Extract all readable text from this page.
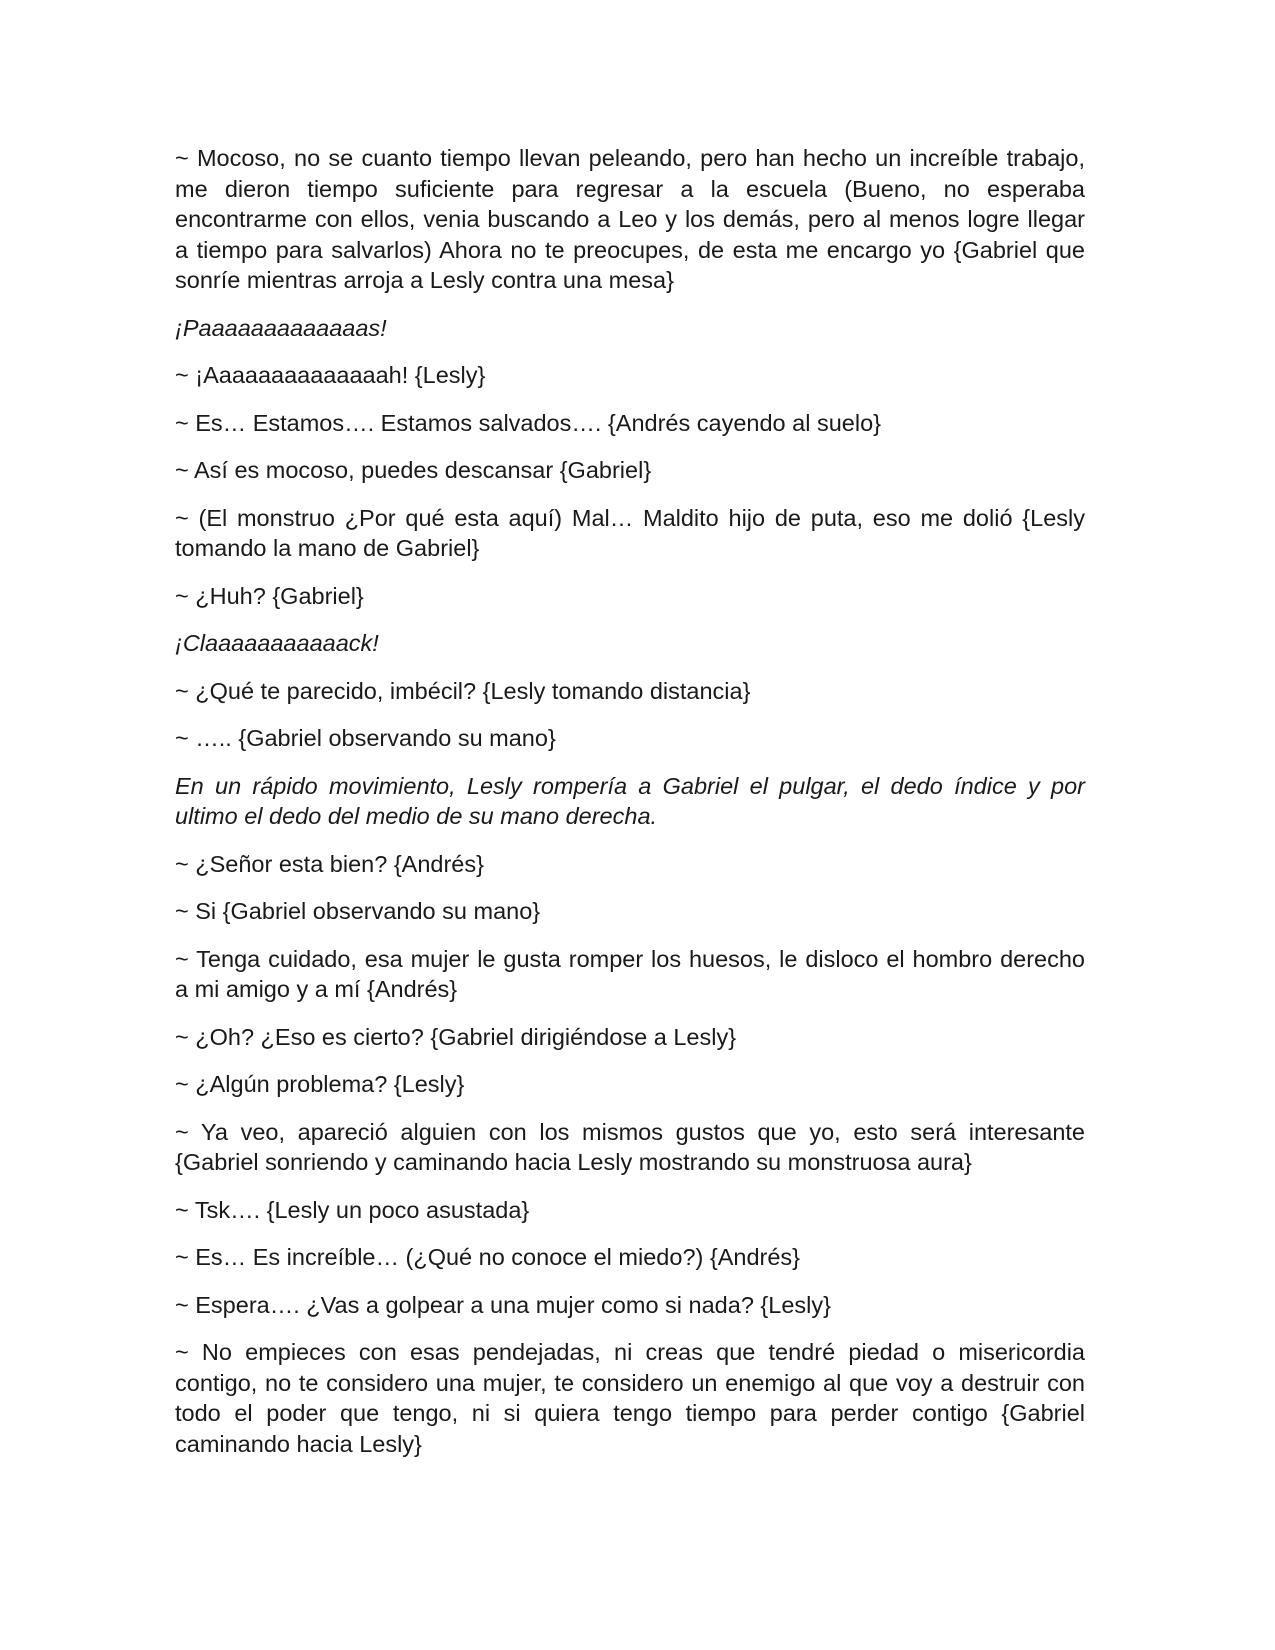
~ Mocoso, no se cuanto tiempo llevan peleando, pero han hecho un increíble trabajo, me dieron tiempo suficiente para regresar a la escuela (Bueno, no esperaba encontrarme con ellos, venia buscando a Leo y los demás, pero al menos logre llegar a tiempo para salvarlos) Ahora no te preocupes, de esta me encargo yo {Gabriel que sonríe mientras arroja a Lesly contra una mesa}

¡Paaaaaaaaaaaaas!

~ ¡Aaaaaaaaaaaaaah! {Lesly}

~ Es… Estamos…. Estamos salvados…. {Andrés cayendo al suelo}

~ Así es mocoso, puedes descansar {Gabriel}

~ (El monstruo ¿Por qué esta aquí) Mal… Maldito hijo de puta, eso me dolió {Lesly tomando la mano de Gabriel}

~ ¿Huh? {Gabriel}

¡Claaaaaaaaaaack!

~ ¿Qué te parecido, imbécil? {Lesly tomando distancia}

~ ….. {Gabriel observando su mano}

En un rápido movimiento, Lesly rompería a Gabriel el pulgar, el dedo índice y por ultimo el dedo del medio de su mano derecha.

~ ¿Señor esta bien? {Andrés}

~ Si {Gabriel observando su mano}

~ Tenga cuidado, esa mujer le gusta romper los huesos, le disloco el hombro derecho a mi amigo y a mí {Andrés}

~ ¿Oh? ¿Eso es cierto? {Gabriel dirigiéndose a Lesly}

~ ¿Algún problema? {Lesly}

~ Ya veo, apareció alguien con los mismos gustos que yo, esto será interesante {Gabriel sonriendo y caminando hacia Lesly mostrando su monstruosa aura}

~ Tsk…. {Lesly un poco asustada}

~ Es… Es increíble… (¿Qué no conoce el miedo?) {Andrés}

~ Espera…. ¿Vas a golpear a una mujer como si nada? {Lesly}

~ No empieces con esas pendejadas, ni creas que tendré piedad o misericordia contigo, no te considero una mujer, te considero un enemigo al que voy a destruir con todo el poder que tengo, ni si quiera tengo tiempo para perder contigo {Gabriel caminando hacia Lesly}
